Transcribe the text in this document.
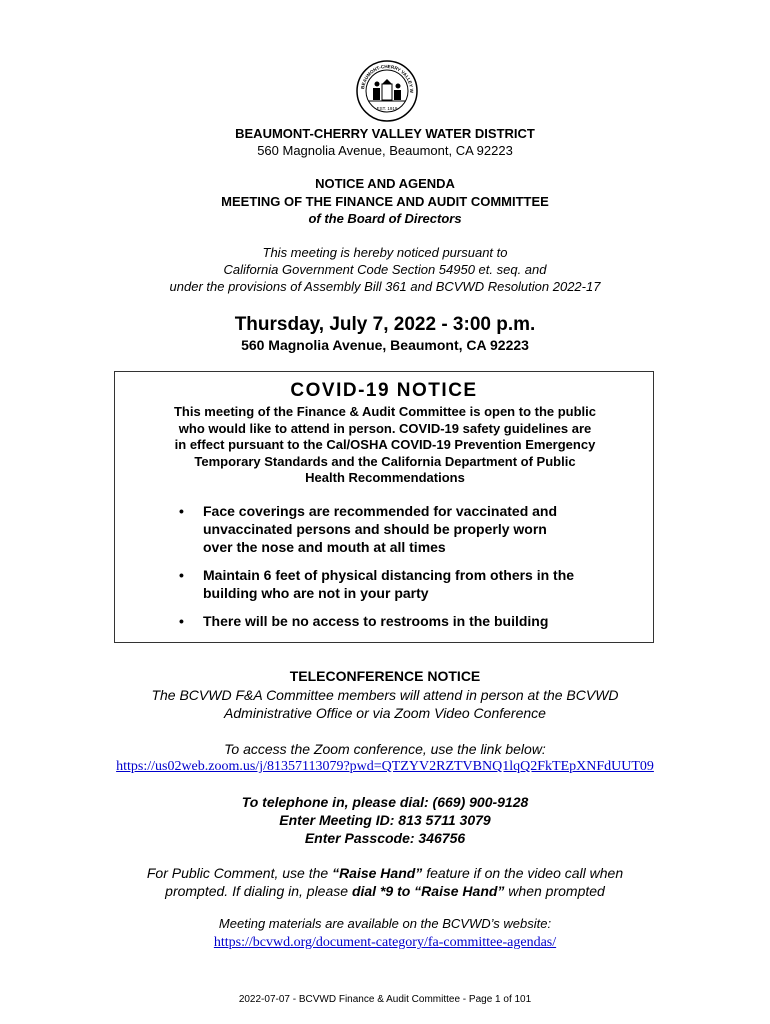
BEAUMONT-CHERRY VALLEY W
EST. 1919
BEAUMONT-CHERRY VALLEY WATER DISTRICT
560 Magnolia Avenue, Beaumont, CA 92223
NOTICE AND AGENDA
MEETING OF THE FINANCE AND AUDIT COMMITTEE
of the Board of Directors
This meeting is hereby noticed pursuant to
California Government Code Section 54950 et. seq. and
under the provisions of Assembly Bill 361 and BCVWD Resolution 2022-17
Thursday, July 7, 2022 - 3:00 p.m.
560 Magnolia Avenue, Beaumont, CA 92223
COVID-19 NOTICE
This meeting of the Finance & Audit Committee is open to the public
who would like to attend in person. COVID-19 safety guidelines are
in effect pursuant to the Cal/OSHA COVID-19 Prevention Emergency
Temporary Standards and the California Department of Public
Health Recommendations
• Face coverings are recommended for vaccinated and
unvaccinated persons and should be properly worn
over the nose and mouth at all times
• Maintain 6 feet of physical distancing from others in the
building who are not in your party
• There will be no access to restrooms in the building
TELECONFERENCE NOTICE
The BCVWD F&A Committee members will attend in person at the BCVWD
Administrative Office or via Zoom Video Conference
To access the Zoom conference, use the link below:
https://us02web.zoom.us/j/81357113079?pwd=QTZYV2RZTVBNQ1lqQ2FkTEpXNFdUUT09
To telephone in, please dial: (669) 900-9128
Enter Meeting ID: 813 5711 3079
Enter Passcode: 346756
For Public Comment, use the “Raise Hand” feature if on the video call when
prompted. If dialing in, please dial *9 to “Raise Hand” when prompted
Meeting materials are available on the BCVWD’s website:
https://bcvwd.org/document-category/fa-committee-agendas/
2022-07-07 - BCVWD Finance & Audit Committee - Page 1 of 101
